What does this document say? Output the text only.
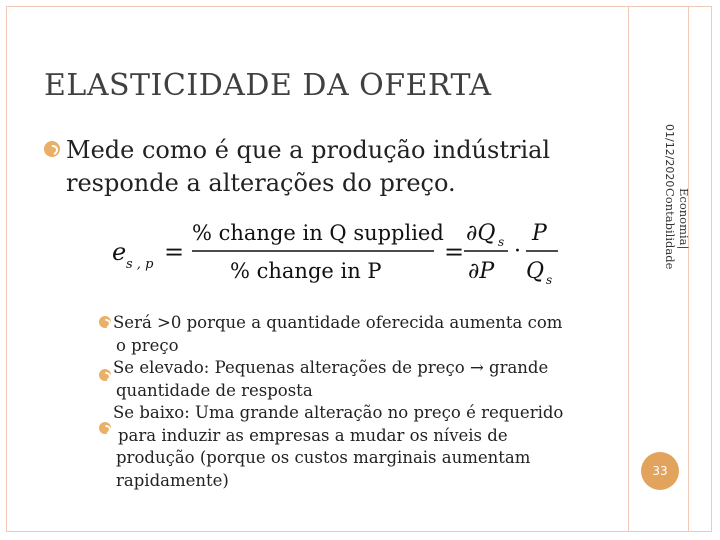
ELASTICIDADE DA OFERTA
Mede como é que a produção indústrial
responde a alterações do preço.
e s , p =
% change in Q supplied
% change in P
=
∂Q s
∂P
·
P
Q s

Será >0 porque a quantidade oferecida aumenta com

o preço

Se elevado: Pequenas alterações de preço → grande

quantidade de resposta

Se baixo: Uma grande alteração no preço é requerido

para induzir as empresas a mudar os níveis de

produção (porque os custos marginais aumentam

rapidamente)

01/12/2020
Economia| Contabilidade
33
